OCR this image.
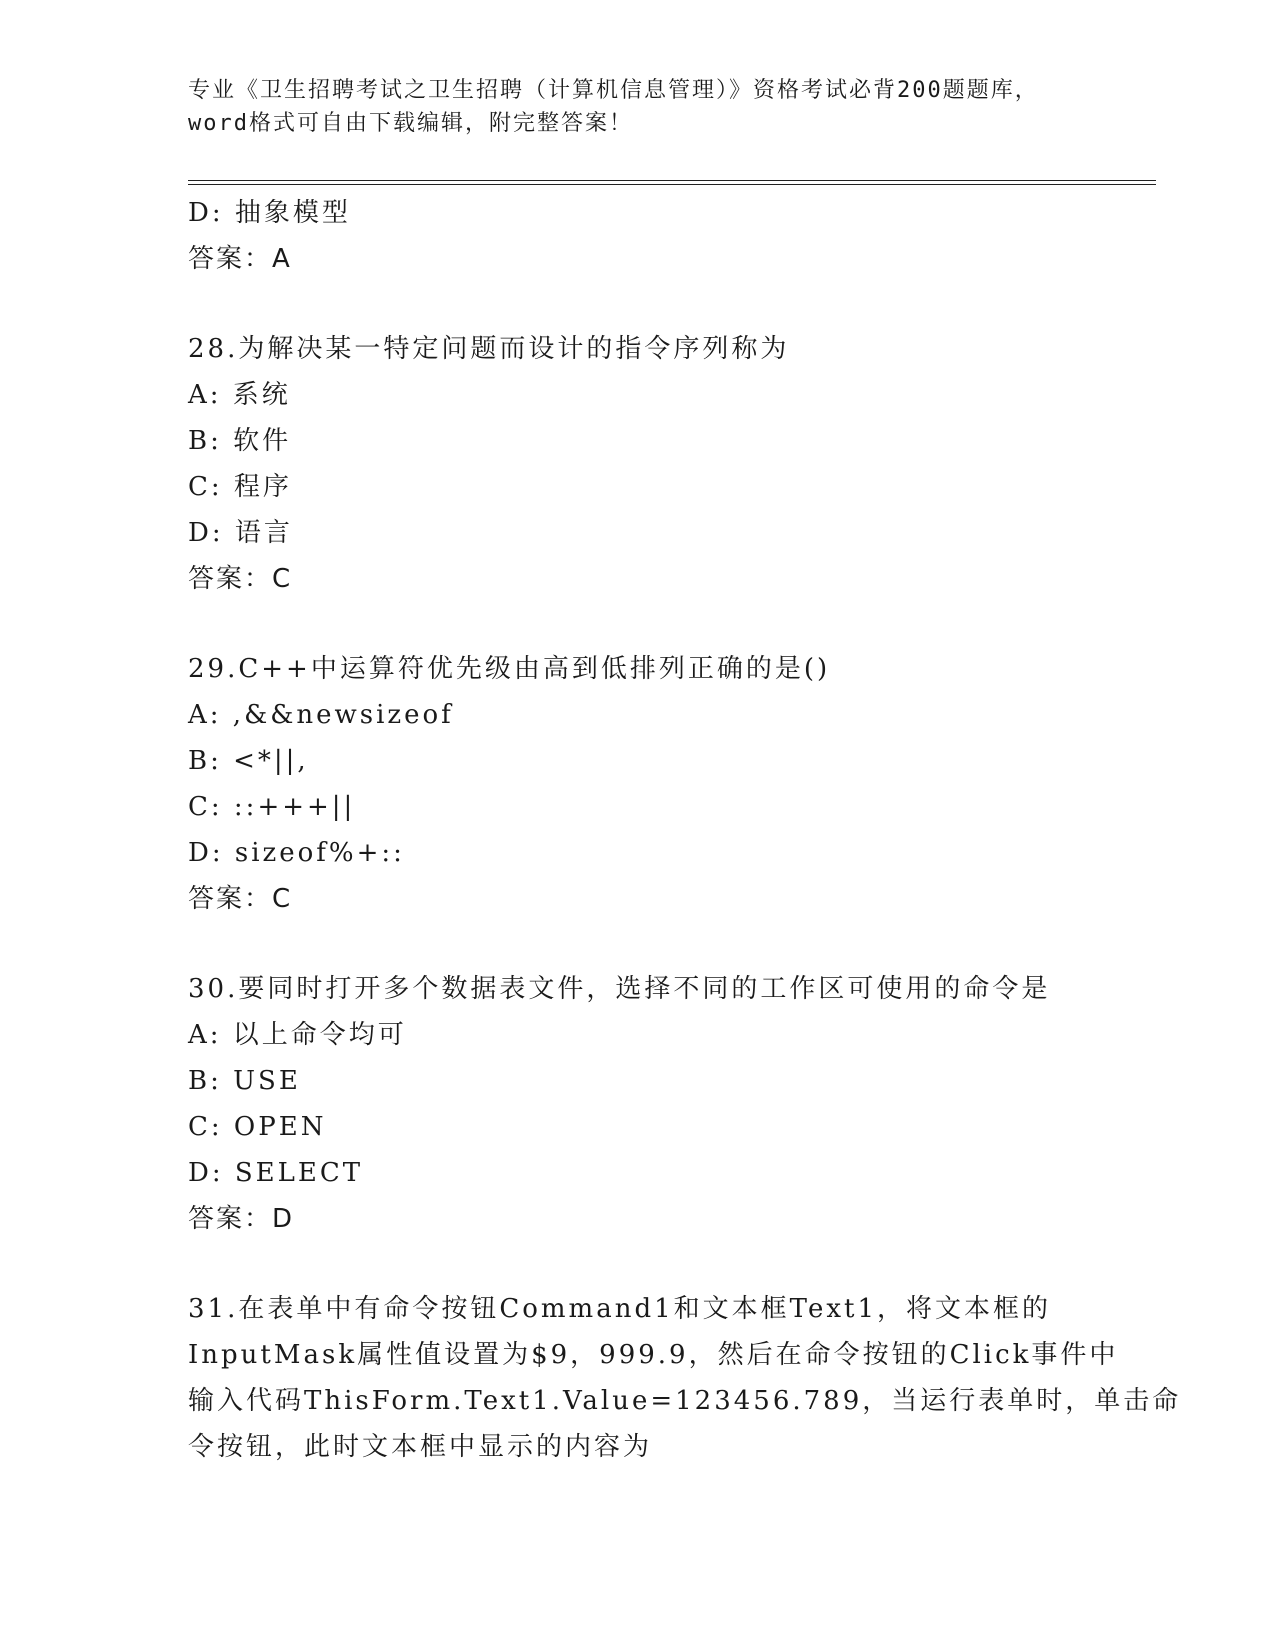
专业《卫生招聘考试之卫生招聘（计算机信息管理）》资格考试必背200题题库，
word格式可自由下载编辑，附完整答案！
D: 抽象模型
答案：A
28.为解决某一特定问题而设计的指令序列称为
A: 系统
B: 软件
C: 程序
D: 语言
答案：C
29.C++中运算符优先级由高到低排列正确的是()
A: ,&&newsizeof
B: <*||,
C: ::+++||
D: sizeof%+::
答案：C
30.要同时打开多个数据表文件，选择不同的工作区可使用的命令是
A: 以上命令均可
B: USE
C: OPEN
D: SELECT
答案：D
31.在表单中有命令按钮Command1和文本框Text1，将文本框的
InputMask属性值设置为$9，999.9，然后在命令按钮的Click事件中
输入代码ThisForm.Text1.Value=123456.789，当运行表单时，单击命
令按钮，此时文本框中显示的内容为
